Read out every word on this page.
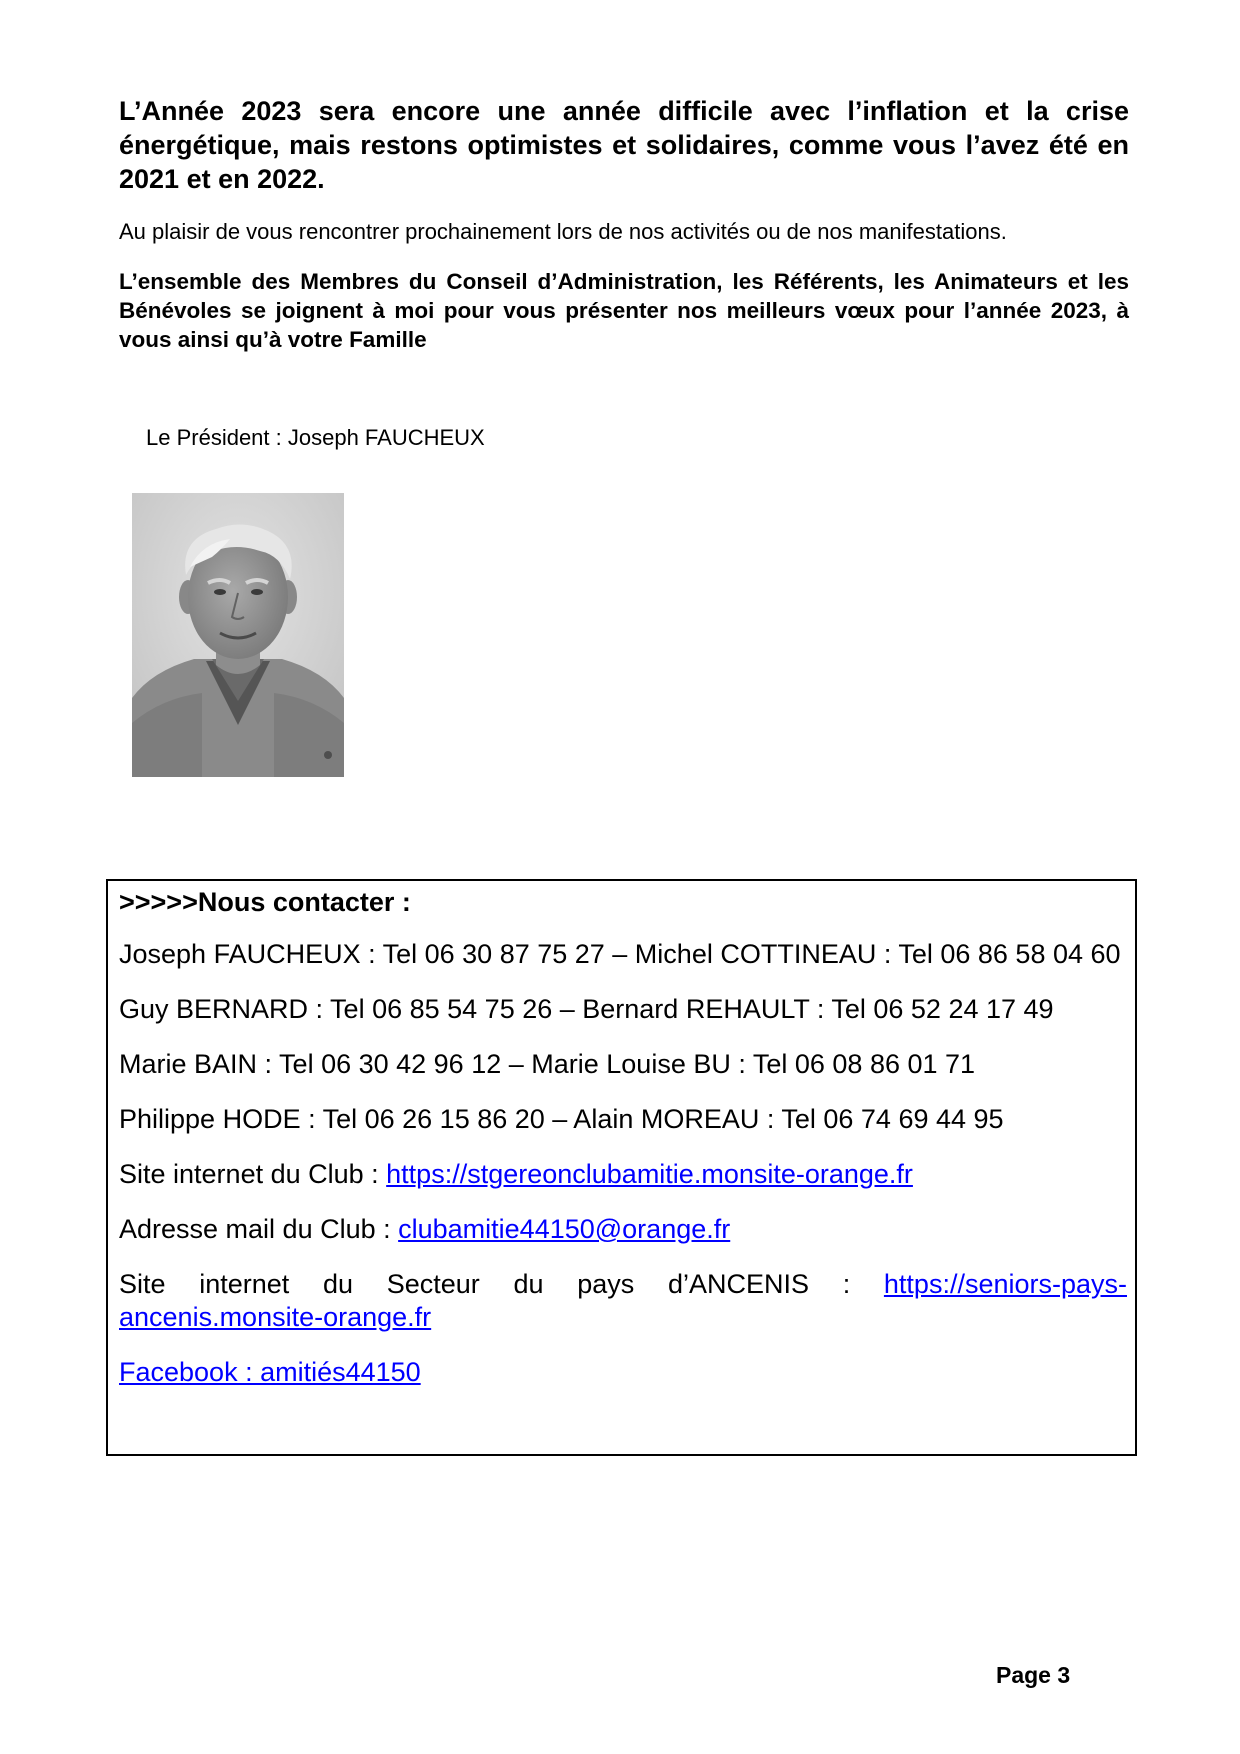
L’Année 2023 sera encore une année difficile avec l’inflation et la crise énergétique, mais restons optimistes et solidaires, comme vous l’avez été en 2021 et en 2022.

Au plaisir de vous rencontrer prochainement lors de nos activités ou de nos manifestations.

L’ensemble des Membres du Conseil d’Administration, les Référents, les Animateurs et les Bénévoles se joignent à moi pour vous présenter nos meilleurs vœux pour l’année 2023, à vous ainsi qu’à votre Famille

Le Président : Joseph FAUCHEUX

>>>>>Nous contacter :

Joseph FAUCHEUX : Tel 06 30 87 75 27 – Michel COTTINEAU : Tel 06 86 58 04 60
Guy BERNARD : Tel 06 85 54 75 26 – Bernard REHAULT : Tel 06 52 24 17 49
Marie BAIN : Tel 06 30 42 96 12 – Marie Louise BU : Tel 06 08 86 01 71
Philippe HODE : Tel 06 26 15 86 20 – Alain MOREAU : Tel 06 74 69 44 95
Site internet du Club : https://stgereonclubamitie.monsite-orange.fr
Adresse mail du Club : clubamitie44150@orange.fr
Site internet du Secteur du pays d’ANCENIS : https://seniors-pays-ancenis.monsite-orange.fr
Facebook : amitiés44150

Page 3
